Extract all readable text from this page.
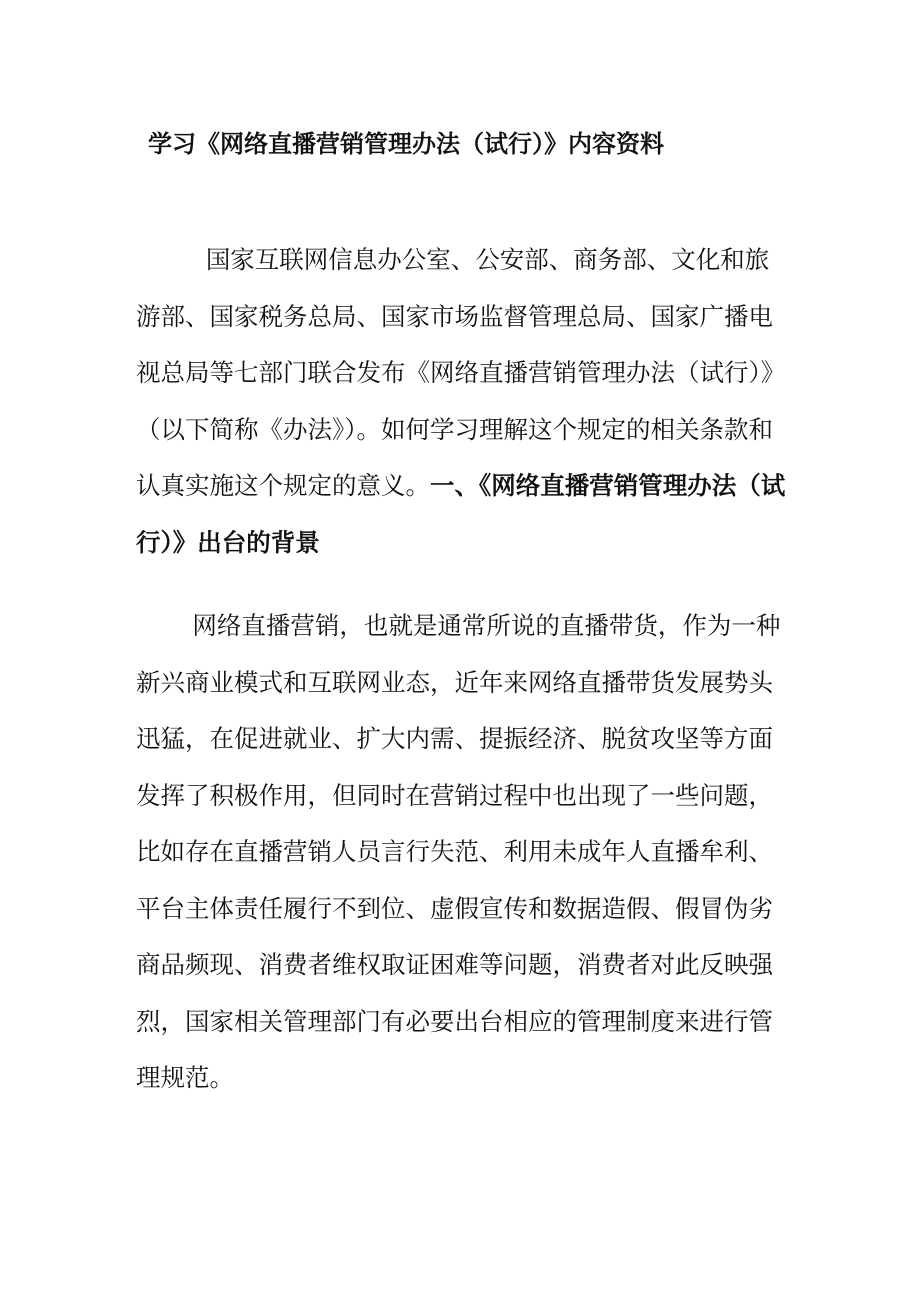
学习《网络直播营销管理办法（试行）》内容资料

国家互联网信息办公室、公安部、商务部、文化和旅游部、国家税务总局、国家市场监督管理总局、国家广播电视总局等七部门联合发布《网络直播营销管理办法（试行）》（以下简称《办法》）。如何学习理解这个规定的相关条款和认真实施这个规定的意义。一、《网络直播营销管理办法（试行）》出台的背景

网络直播营销，也就是通常所说的直播带货，作为一种新兴商业模式和互联网业态，近年来网络直播带货发展势头迅猛，在促进就业、扩大内需、提振经济、脱贫攻坚等方面发挥了积极作用，但同时在营销过程中也出现了一些问题，比如存在直播营销人员言行失范、利用未成年人直播牟利、平台主体责任履行不到位、虚假宣传和数据造假、假冒伪劣商品频现、消费者维权取证困难等问题，消费者对此反映强烈，国家相关管理部门有必要出台相应的管理制度来进行管理规范。
